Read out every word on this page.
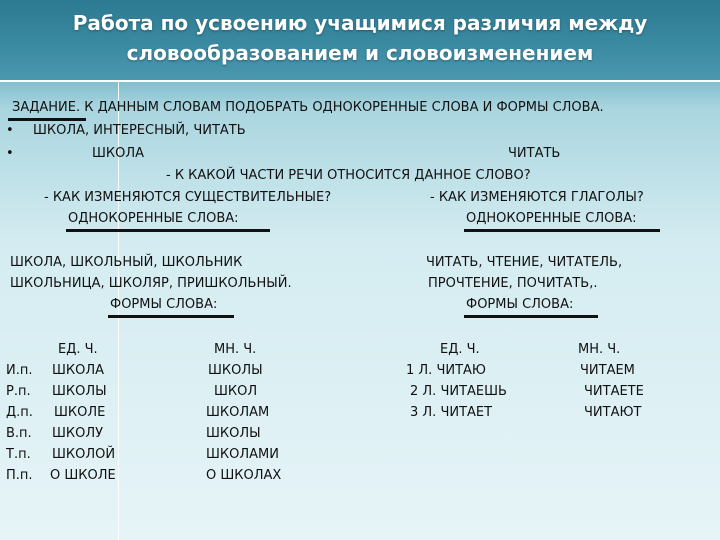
Работа по усвоению учащимися различия между
словообразованием и словоизменением
ЗАДАНИЕ. К ДАННЫМ СЛОВАМ ПОДОБРАТЬ ОДНОКОРЕННЫЕ СЛОВА И ФОРМЫ СЛОВА.
• ШКОЛА, ИНТЕРЕСНЫЙ, ЧИТАТЬ
•	ШКОЛА	ЧИТАТЬ
- К КАКОЙ ЧАСТИ РЕЧИ ОТНОСИТСЯ ДАННОЕ СЛОВО?
- КАК ИЗМЕНЯЮТСЯ СУЩЕСТВИТЕЛЬНЫЕ?	- КАК ИЗМЕНЯЮТСЯ ГЛАГОЛЫ?
ОДНОКОРЕННЫЕ СЛОВА:	ОДНОКОРЕННЫЕ СЛОВА:
ШКОЛА, ШКОЛЬНЫЙ, ШКОЛЬНИК
ШКОЛЬНИЦА, ШКОЛЯР, ПРИШКОЛЬНЫЙ.
ЧИТАТЬ, ЧТЕНИЕ, ЧИТАТЕЛЬ,
ПРОЧТЕНИЕ, ПОЧИТАТЬ,.
ФОРМЫ СЛОВА:	ФОРМЫ СЛОВА:
ЕД. Ч.	МН. Ч.
И.п. ШКОЛА	ШКОЛЫ
Р.п. ШКОЛЫ	ШКОЛ
Д.п. ШКОЛЕ	ШКОЛАМ
В.п. ШКОЛУ	ШКОЛЫ
Т.п. ШКОЛОЙ	ШКОЛАМИ
П.п. О ШКОЛЕ	О ШКОЛАХ
ЕД. Ч.	МН. Ч.
1 Л. ЧИТАЮ	ЧИТАЕМ
2 Л. ЧИТАЕШЬ	ЧИТАЕТЕ
3 Л. ЧИТАЕТ	ЧИТАЮТ
